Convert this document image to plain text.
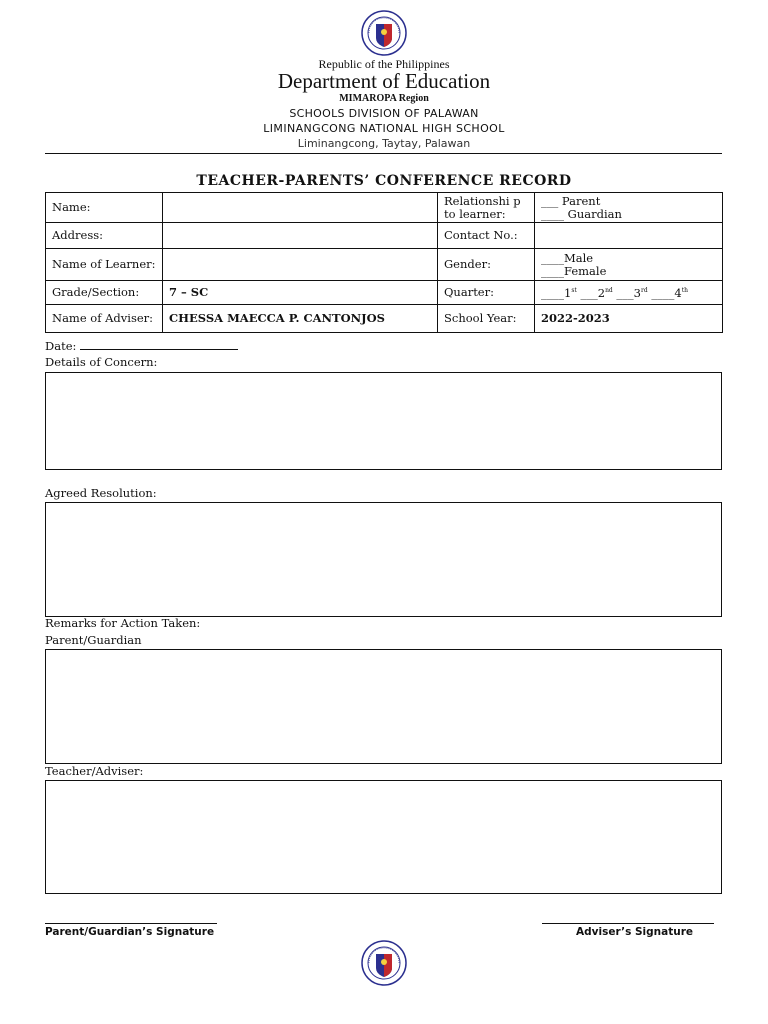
Republic of the Philippines
Department of Education
MIMAROPA Region
SCHOOLS DIVISION OF PALAWAN
LIMINANGCONG NATIONAL HIGH SCHOOL
Liminangcong, Taytay, Palawan
TEACHER-PARENTS’ CONFERENCE RECORD
Name:		Relationshi p to learner:	___ Parent
____ Guardian

Address:		Contact No.:	
Name of Learner:		Gender:	____Male
____Female

Grade/Section:	7 – SC	Quarter:	____1st ___2nd ___3rd ____4th
Name of Adviser:	CHESSA MAECCA P. CANTONJOS	School Year:	2022-2023
Date:
Details of Concern:
Agreed Resolution:
Remarks for Action Taken:
Parent/Guardian
Teacher/Adviser:
Parent/Guardian’s Signature	Adviser’s Signature
